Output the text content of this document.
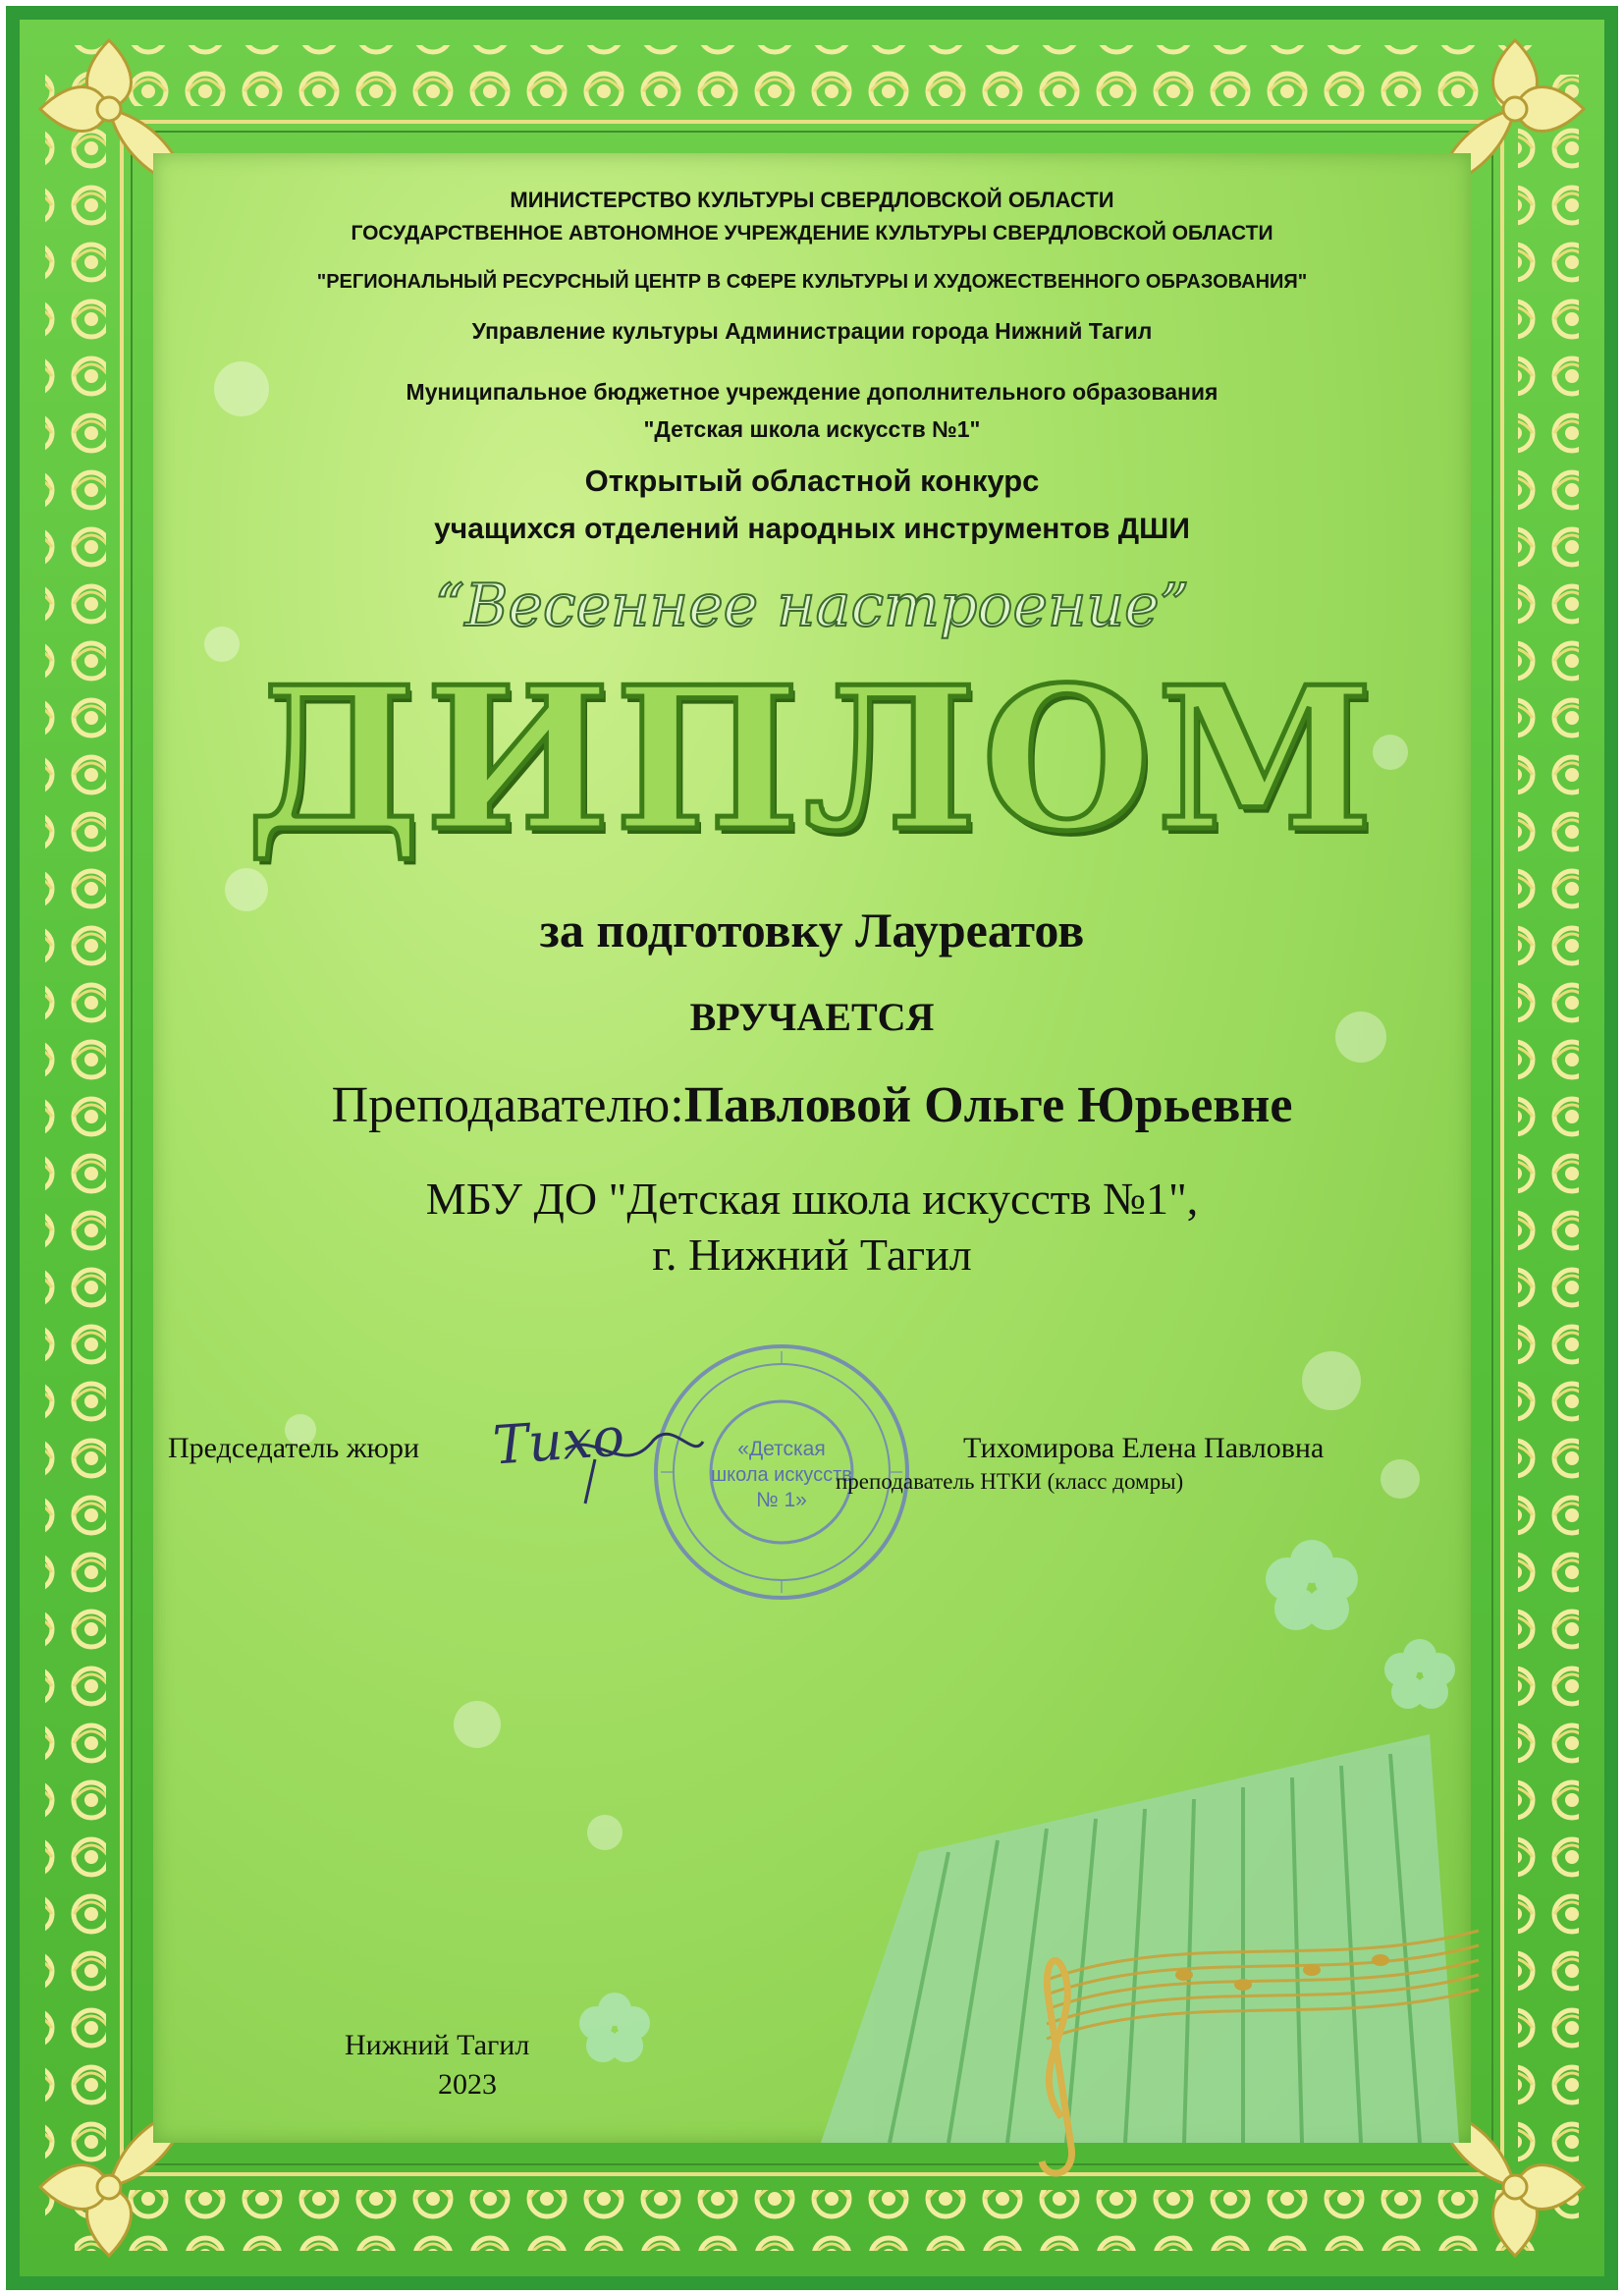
МИНИСТЕРСТВО КУЛЬТУРЫ СВЕРДЛОВСКОЙ ОБЛАСТИ
ГОСУДАРСТВЕННОЕ АВТОНОМНОЕ УЧРЕЖДЕНИЕ КУЛЬТУРЫ СВЕРДЛОВСКОЙ ОБЛАСТИ
"РЕГИОНАЛЬНЫЙ РЕСУРСНЫЙ ЦЕНТР В СФЕРЕ КУЛЬТУРЫ И ХУДОЖЕСТВЕННОГО ОБРАЗОВАНИЯ"
Управление культуры Администрации города Нижний Тагил
Муниципальное бюджетное учреждение дополнительного образования
"Детская школа искусств №1"
Открытый областной конкурс
учащихся отделений народных инструментов ДШИ
“Весеннее настроение”
ДИПЛОМ
за подготовку Лауреатов
ВРУЧАЕТСЯ
Преподавателю:Павловой Ольге Юрьевне
МБУ ДО "Детская школа искусств №1",
г. Нижний Тагил
«Детская
школа искусств
№ 1»
Председатель жюри Тихо	Тихомирова Елена Павловна
преподаватель НТКИ (класс домры)
Нижний Тагил
2023
